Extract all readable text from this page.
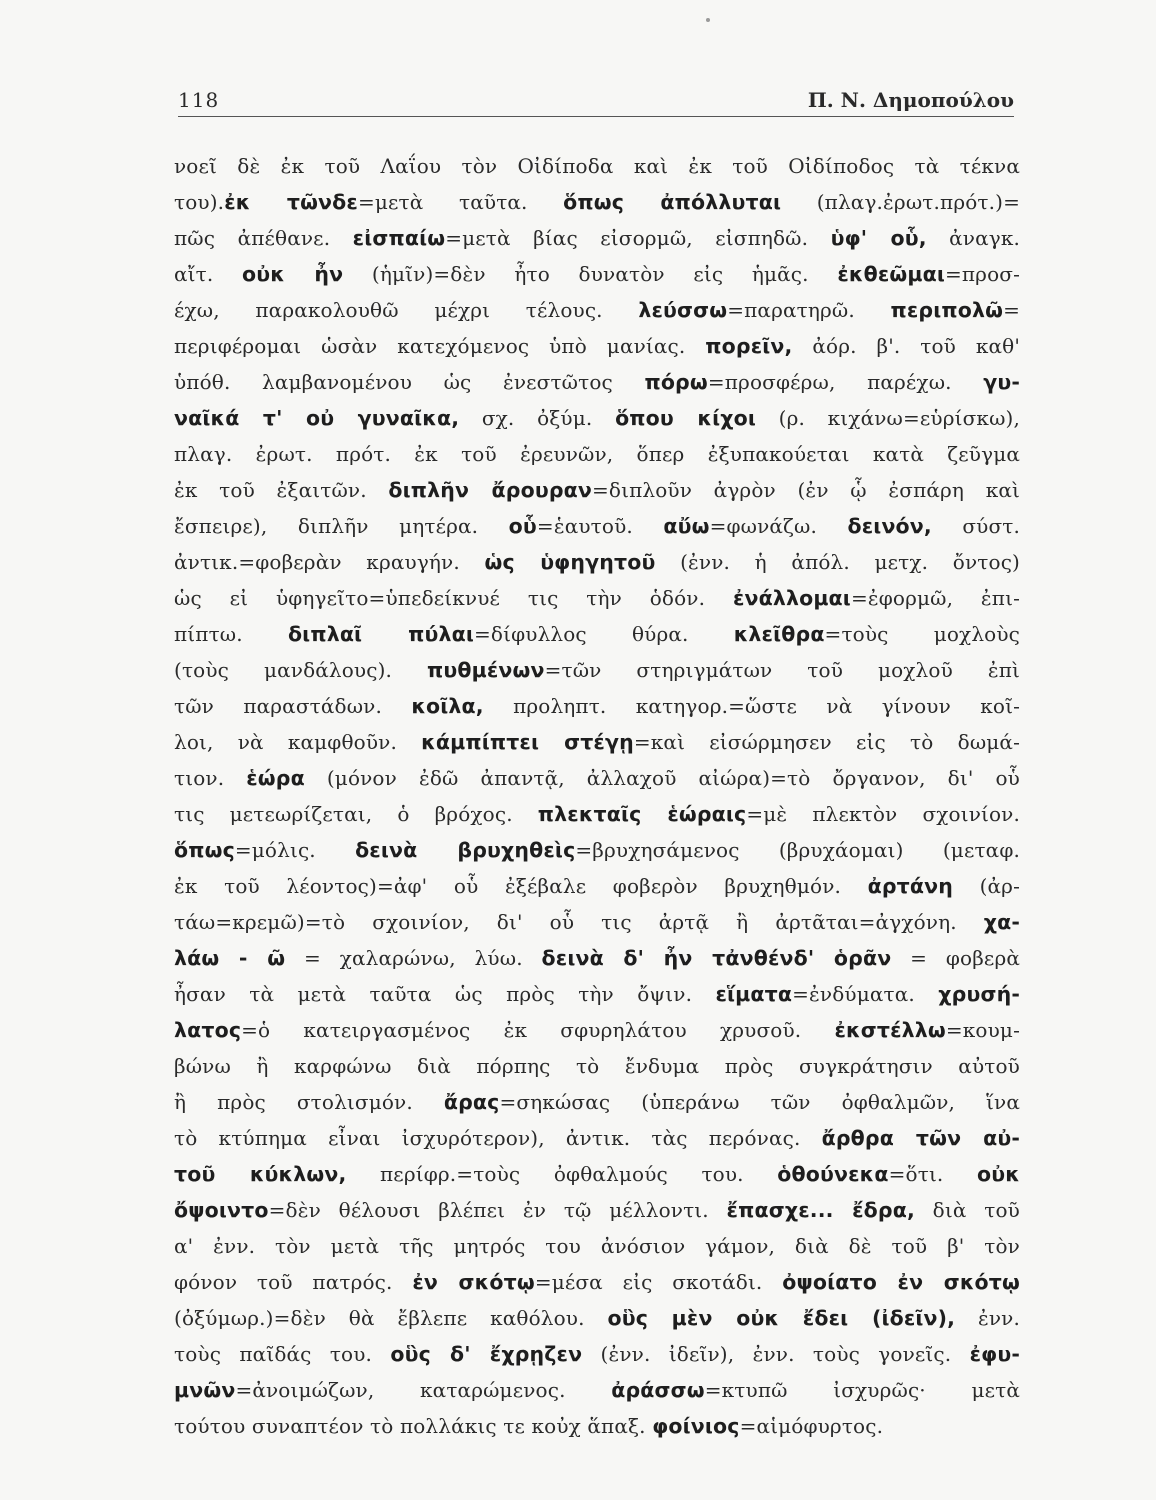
118	Π. Ν. Δημοπούλου
νοεῖ δὲ ἐκ τοῦ Λαΐου τὸν Οἰδίποδα καὶ ἐκ τοῦ Οἰδίποδος τὰ τέκνα
του).ἐκ τῶνδε=μετὰ ταῦτα. ὅπως ἀπόλλυται (πλαγ.ἐρωτ.πρότ.)=
πῶς ἀπέθανε. εἰσπαίω=μετὰ βίας εἰσορμῶ, εἰσπηδῶ. ὑφ' οὗ, ἀναγκ.
αἴτ. οὐκ ἦν (ἡμῖν)=δὲν ἦτο δυνατὸν εἰς ἡμᾶς. ἐκθεῶμαι=προσ-
έχω, παρακολουθῶ μέχρι τέλους. λεύσσω=παρατηρῶ. περιπολῶ=
περιφέρομαι ὡσὰν κατεχόμενος ὑπὸ μανίας. πορεῖν, ἀόρ. β'. τοῦ καθ'
ὑπόθ. λαμβανομένου ὡς ἐνεστῶτος πόρω=προσφέρω, παρέχω. γυ-
ναῖκά τ' οὐ γυναῖκα, σχ. ὀξύμ. ὅπου κίχοι (ρ. κιχάνω=εὑρίσκω),
πλαγ. ἐρωτ. πρότ. ἐκ τοῦ ἐρευνῶν, ὅπερ ἐξυπακούεται κατὰ ζεῦγμα
ἐκ τοῦ ἐξαιτῶν. διπλῆν ἄρουραν=διπλοῦν ἀγρὸν (ἐν ᾧ ἐσπάρη καὶ
ἔσπειρε), διπλῆν μητέρα. οὗ=ἑαυτοῦ. αὔω=φωνάζω. δεινόν, σύστ.
ἀντικ.=φοβερὰν κραυγήν. ὡς ὑφηγητοῦ (ἐνν. ἡ ἀπόλ. μετχ. ὄντος)
ὡς εἰ ὑφηγεῖτο=ὑπεδείκνυέ τις τὴν ὁδόν. ἐνάλλομαι=ἐφορμῶ, ἐπι-
πίπτω. διπλαῖ πύλαι=δίφυλλος θύρα. κλεῖθρα=τοὺς μοχλοὺς
(τοὺς μανδάλους). πυθμένων=τῶν στηριγμάτων τοῦ μοχλοῦ ἐπὶ
τῶν παραστάδων. κοῖλα, προληπτ. κατηγορ.=ὥστε νὰ γίνουν κοῖ-
λοι, νὰ καμφθοῦν. κάμπίπτει στέγῃ=καὶ εἰσώρμησεν εἰς τὸ δωμά-
τιον. ἑώρα (μόνον ἐδῶ ἀπαντᾷ, ἀλλαχοῦ αἰώρα)=τὸ ὄργανον, δι' οὗ
τις μετεωρίζεται, ὁ βρόχος. πλεκταῖς ἑώραις=μὲ πλεκτὸν σχοινίον.
ὅπως=μόλις. δεινὰ βρυχηθεὶς=βρυχησάμενος (βρυχάομαι) (μεταφ.
ἐκ τοῦ λέοντος)=ἀφ' οὗ ἐξέβαλε φοβερὸν βρυχηθμόν. ἀρτάνη (ἀρ-
τάω=κρεμῶ)=τὸ σχοινίον, δι' οὗ τις ἀρτᾷ ἢ ἀρτᾶται=ἀγχόνη. χα-
λάω - ῶ = χαλαρώνω, λύω. δεινὰ δ' ἦν τἀνθένδ' ὁρᾶν = φοβερὰ
ἦσαν τὰ μετὰ ταῦτα ὡς πρὸς τὴν ὄψιν. εἵματα=ἐνδύματα. χρυσή-
λατος=ὁ κατειργασμένος ἐκ σφυρηλάτου χρυσοῦ. ἐκστέλλω=κουμ-
βώνω ἢ καρφώνω διὰ πόρπης τὸ ἔνδυμα πρὸς συγκράτησιν αὐτοῦ
ἢ πρὸς στολισμόν. ἄρας=σηκώσας (ὑπεράνω τῶν ὀφθαλμῶν, ἵνα
τὸ κτύπημα εἶναι ἰσχυρότερον), ἀντικ. τὰς περόνας. ἄρθρα τῶν αὐ-
τοῦ κύκλων, περίφρ.=τοὺς ὀφθαλμούς του. ὁθούνεκα=ὅτι. οὐκ
ὄψοιντο=δὲν θέλουσι βλέπει ἐν τῷ μέλλοντι. ἔπασχε... ἔδρα, διὰ τοῦ
α' ἐνν. τὸν μετὰ τῆς μητρός του ἀνόσιον γάμον, διὰ δὲ τοῦ β' τὸν
φόνον τοῦ πατρός. ἐν σκότῳ=μέσα εἰς σκοτάδι. ὀψοίατο ἐν σκότῳ
(ὀξύμωρ.)=δὲν θὰ ἔβλεπε καθόλου. οὓς μὲν οὐκ ἔδει (ἰδεῖν), ἐνν.
τοὺς παῖδάς του. οὓς δ' ἔχρῃζεν (ἐνν. ἰδεῖν), ἐνν. τοὺς γονεῖς. ἐφυ-
μνῶν=ἀνοιμώζων, καταρώμενος. ἀράσσω=κτυπῶ ἰσχυρῶς· μετὰ
τούτου συναπτέον τὸ πολλάκις τε κοὐχ ἅπαξ. φοίνιος=αἱμόφυρτος.
